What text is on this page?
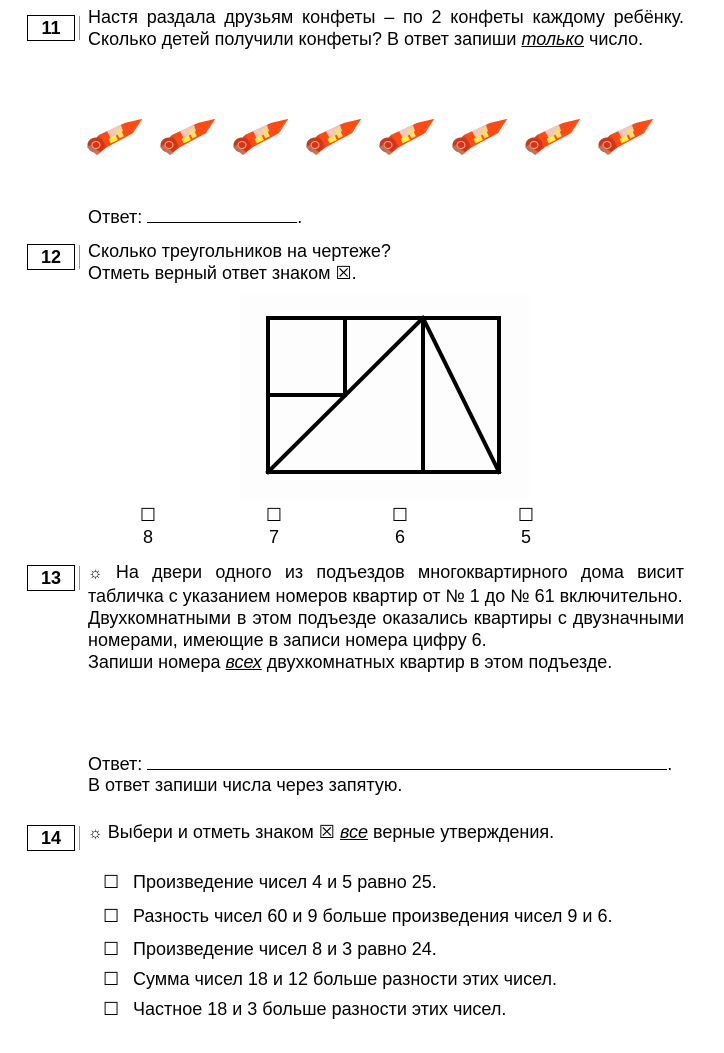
11
Настя раздала друзьям конфеты – по 2 конфеты каждому ребёнку. Сколько детей получили конфеты? В ответ запиши только число.
Ответ:	.
12	Сколько треугольников на чертеже?

Отметь верный ответ знаком ☒.

☐
8
☐
7
☐
6
☐
5
13	☼ На двери одного из подъездов многоквартирного дома висит табличка с указанием номеров квартир от № 1 до № 61 включительно.

Двухкомнатными в этом подъезде оказались квартиры с двузначными номерами, имеющие в записи номера цифру 6.

Запиши номера всех двухкомнатных квартир в этом подъезде.

Ответ:	.
В ответ запиши числа через запятую.
14	☼ Выбери и отметь знаком ☒ все верные утверждения.
☐ Произведение чисел 4 и 5 равно 25.
☐ Разность чисел 60 и 9 больше произведения чисел 9 и 6.
☐ Произведение чисел 8 и 3 равно 24.
☐ Сумма чисел 18 и 12 больше разности этих чисел.
☐ Частное 18 и 3 больше разности этих чисел.
